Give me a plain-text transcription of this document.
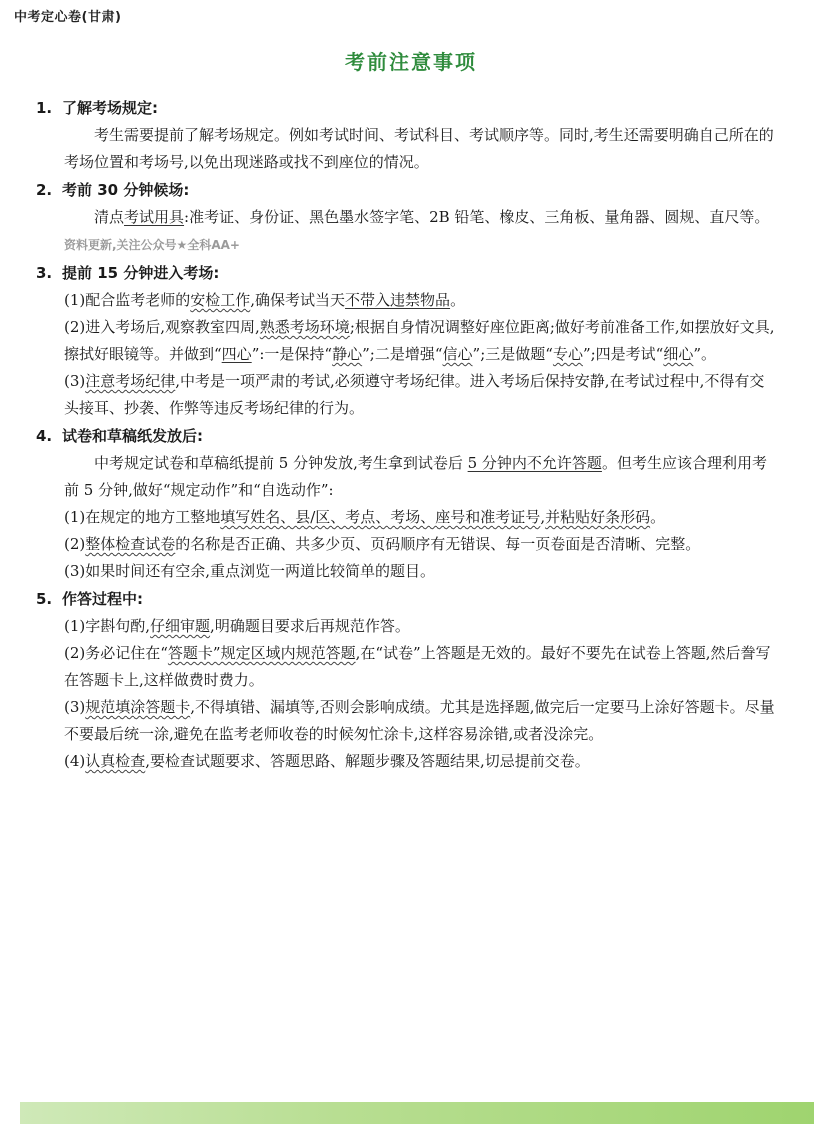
中考定心卷(甘肃)
考前注意事项
1. 了解考场规定:

考生需要提前了解考场规定。例如考试时间、考试科目、考试顺序等。同时,考生还需要明确自己所在的考场位置和考场号,以免出现迷路或找不到座位的情况。

2. 考前 30 分钟候场:

清点考试用具:准考证、身份证、黑色墨水签字笔、2B 铅笔、橡皮、三角板、量角器、圆规、直尺等。 资料更新,关注公众号★全科AA+

3. 提前 15 分钟进入考场:

(1)配合监考老师的安检工作,确保考试当天不带入违禁物品。

(2)进入考场后,观察教室四周,熟悉考场环境;根据自身情况调整好座位距离;做好考前准备工作,如摆放好文具,擦拭好眼镜等。并做到“四心”:一是保持“静心”;二是增强“信心”;三是做题“专心”;四是考试“细心”。

(3)注意考场纪律,中考是一项严肃的考试,必须遵守考场纪律。进入考场后保持安静,在考试过程中,不得有交头接耳、抄袭、作弊等违反考场纪律的行为。

4. 试卷和草稿纸发放后:

中考规定试卷和草稿纸提前 5 分钟发放,考生拿到试卷后 5 分钟内不允许答题。但考生应该合理利用考前 5 分钟,做好“规定动作”和“自选动作”:

(1)在规定的地方工整地填写姓名、县/区、考点、考场、座号和准考证号,并粘贴好条形码。

(2)整体检查试卷的名称是否正确、共多少页、页码顺序有无错误、每一页卷面是否清晰、完整。

(3)如果时间还有空余,重点浏览一两道比较简单的题目。

5. 作答过程中:

(1)字斟句酌,仔细审题,明确题目要求后再规范作答。

(2)务必记住在“答题卡”规定区域内规范答题,在“试卷”上答题是无效的。最好不要先在试卷上答题,然后誊写在答题卡上,这样做费时费力。

(3)规范填涂答题卡,不得填错、漏填等,否则会影响成绩。尤其是选择题,做完后一定要马上涂好答题卡。尽量不要最后统一涂,避免在监考老师收卷的时候匆忙涂卡,这样容易涂错,或者没涂完。

(4)认真检查,要检查试题要求、答题思路、解题步骤及答题结果,切忌提前交卷。
